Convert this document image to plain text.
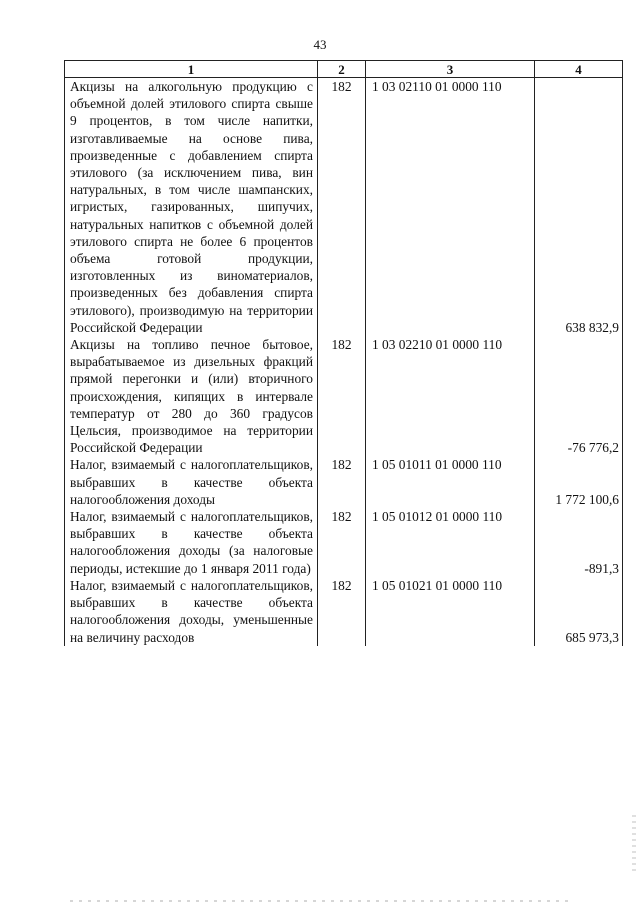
43
1	2	3	4
Акцизы на алкогольную продукцию с объемной долей этилового спирта свыше 9 процентов, в том числе напитки, изготавливаемые на основе пива, произведенные с добавлением спирта этилового (за исключением пива, вин натуральных, в том числе шампанских, игристых, газированных, шипучих, натуральных напитков с объемной долей этилового спирта не более 6 процентов объема готовой продукции, изготовленных из виноматериалов, произведенных без добавления спирта этилового), производимую на территории Российской Федерации	182	1 03 02110 01 0000 110	638 832,9
Акцизы на топливо печное бытовое, вырабатываемое из дизельных фракций прямой перегонки и (или) вторичного происхождения, кипящих в интервале температур от 280 до 360 градусов Цельсия, производимое на территории Российской Федерации	182	1 03 02210 01 0000 110	-76 776,2
Налог, взимаемый с налогоплательщиков, выбравших в качестве объекта налогообложения доходы	182	1 05 01011 01 0000 110	1 772 100,6
Налог, взимаемый с налогоплательщиков, выбравших в качестве объекта налогообложения доходы (за налоговые периоды, истекшие до 1 января 2011 года)	182	1 05 01012 01 0000 110	-891,3
Налог, взимаемый с налогоплательщиков, выбравших в качестве объекта налогообложения доходы, уменьшенные на величину расходов	182	1 05 01021 01 0000 110	685 973,3
